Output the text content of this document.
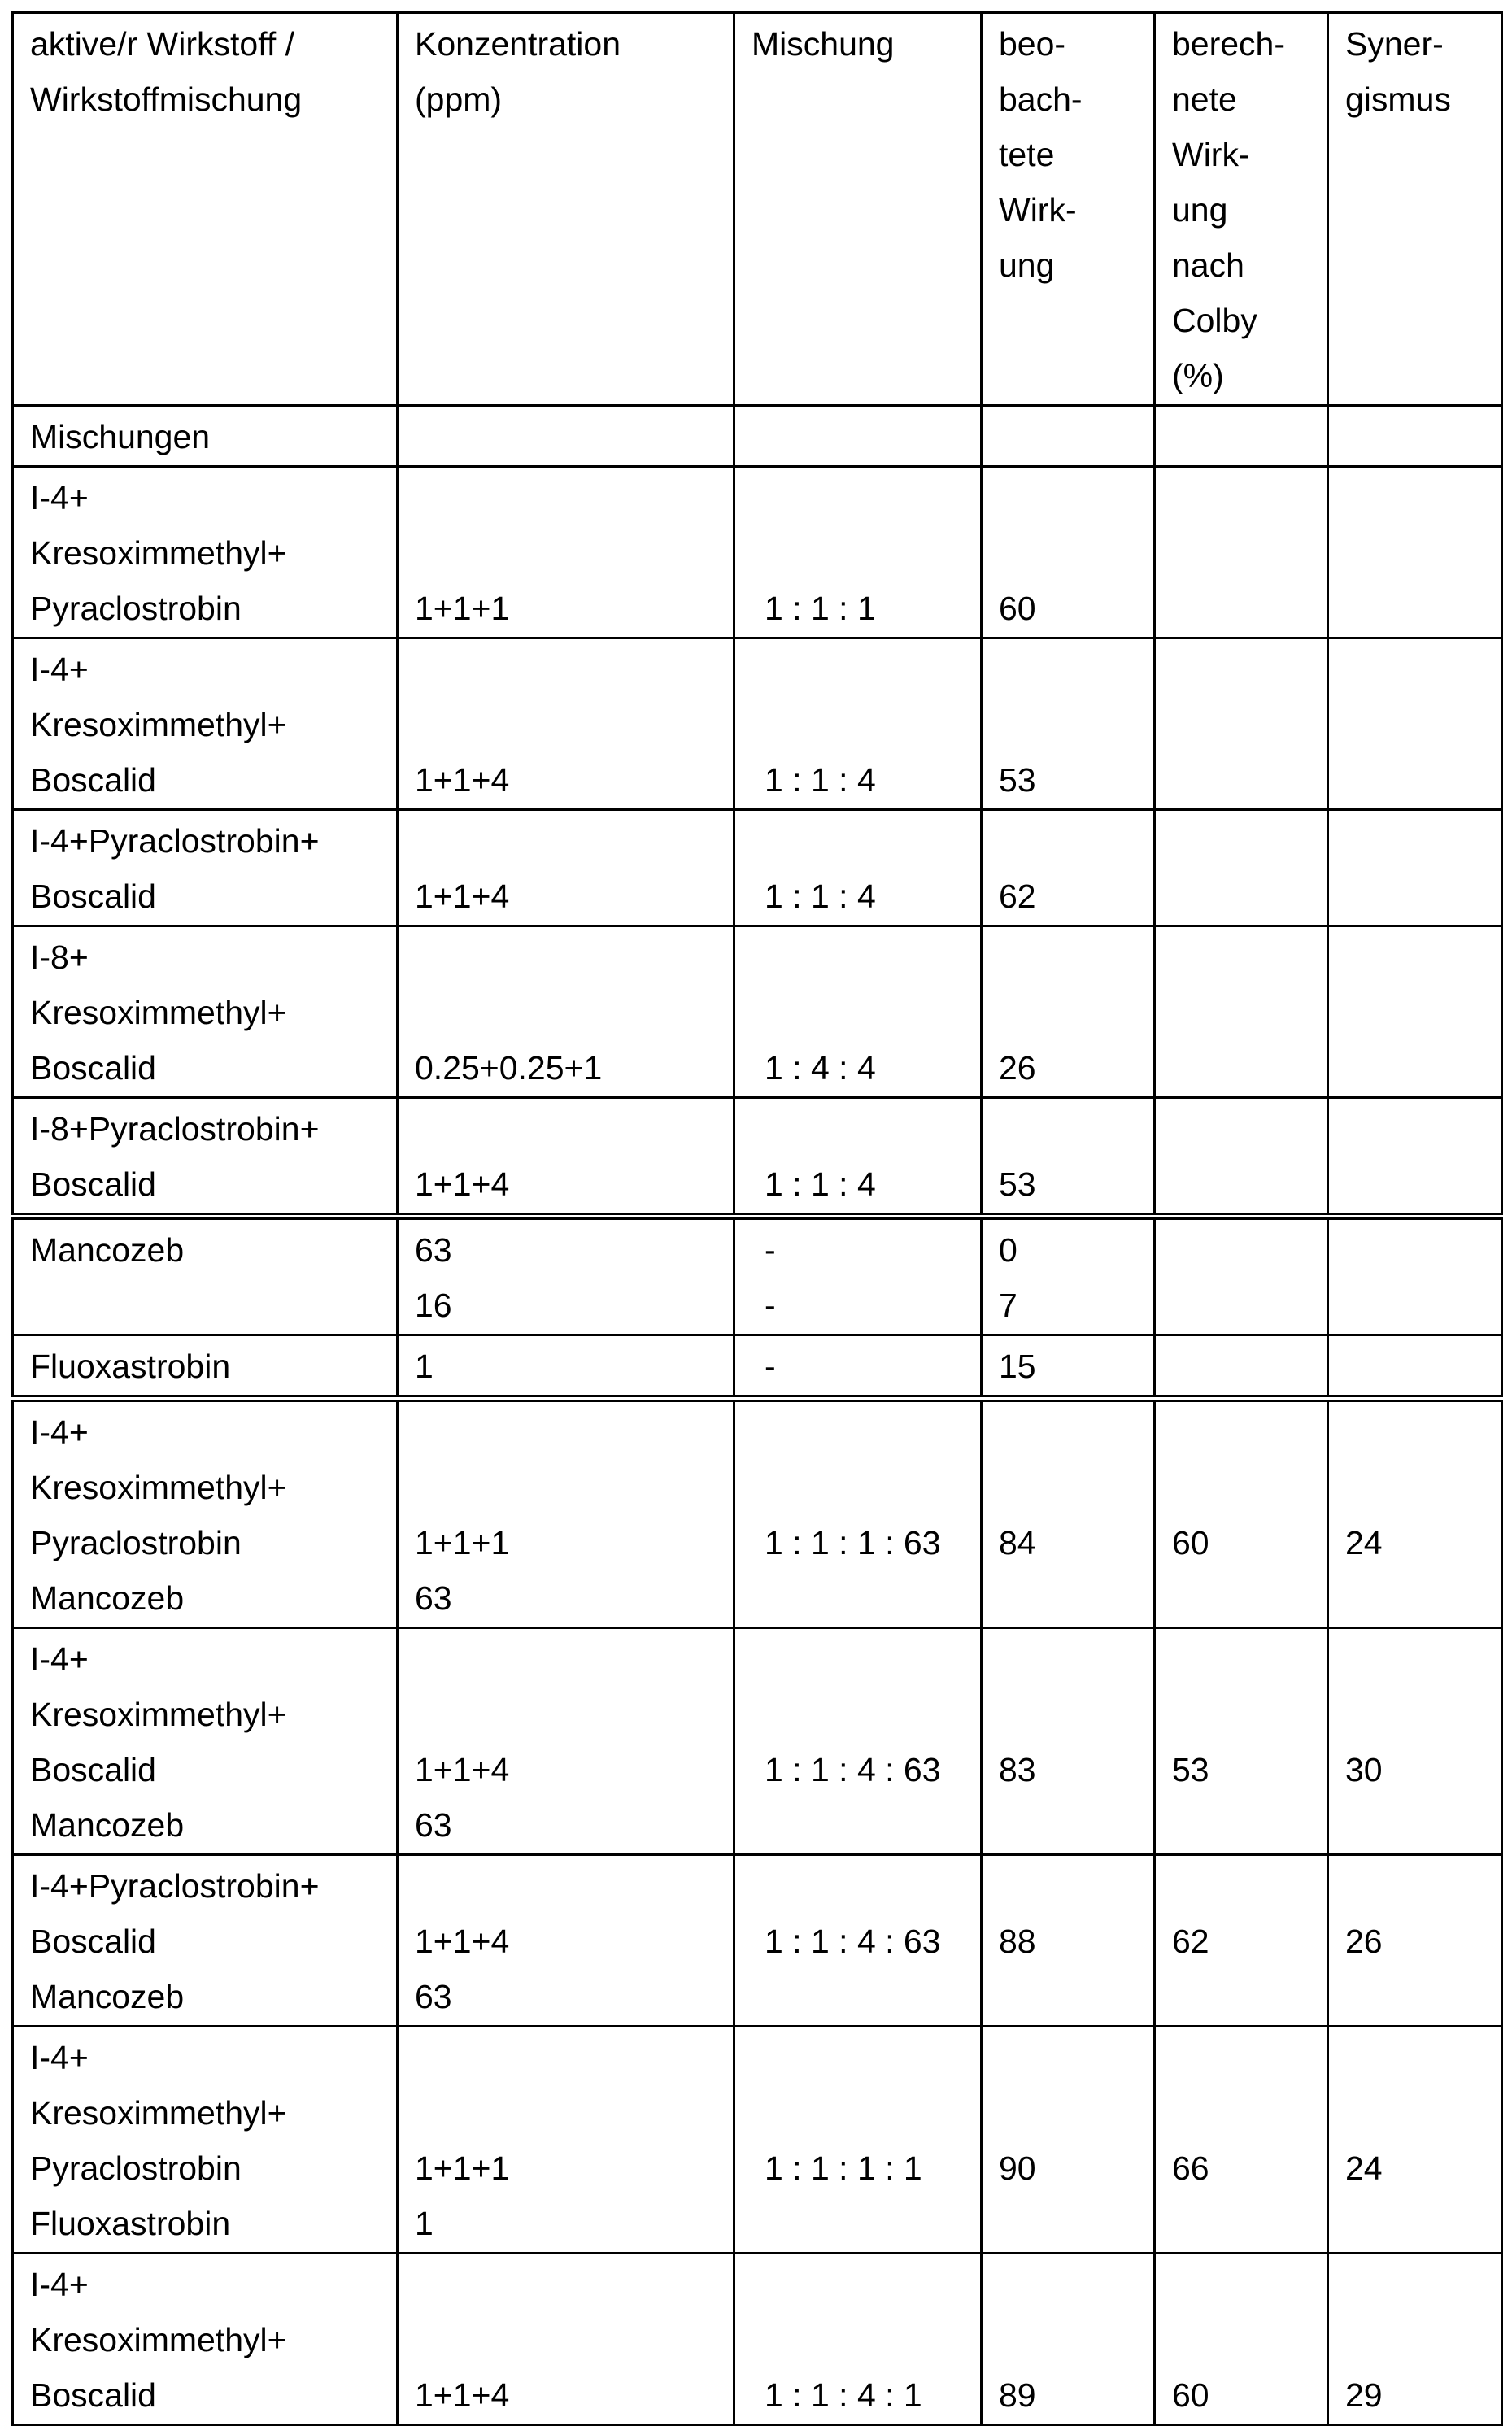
aktive/r Wirkstoff /
Wirkstoffmischung

Konzentration
(ppm)

Mischung	beo-
bach-
tete
Wirk-
ung

berech-
nete
Wirk-
ung
nach
Colby
(%)

Syner-
gismus

Mischungen

I-4+
Kresoximmethyl+
Pyraclostrobin	1+1+1	1 : 1 : 1	60

I-4+
Kresoximmethyl+
Boscalid	1+1+4	1 : 1 : 4	53

I-4+Pyraclostrobin+
Boscalid	1+1+4	1 : 1 : 4	62

I-8+
Kresoximmethyl+
Boscalid	0.25+0.25+1	1 : 4 : 4	26

I-8+Pyraclostrobin+
Boscalid	1+1+4	1 : 1 : 4	53

Mancozeb	63
16

-
-

0
7

Fluoxastrobin	1	-	15

I-4+
Kresoximmethyl+
Pyraclostrobin
Mancozeb

1+1+1
63

1 : 1 : 1 : 63	84	60	24

I-4+
Kresoximmethyl+
Boscalid
Mancozeb

1+1+4
63

1 : 1 : 4 : 63	83	53	30

I-4+Pyraclostrobin+
Boscalid
Mancozeb

1+1+4
63

1 : 1 : 4 : 63	88	62	26

I-4+
Kresoximmethyl+
Pyraclostrobin
Fluoxastrobin

1+1+1
1

1 : 1 : 1 : 1	90	66	24

I-4+
Kresoximmethyl+
Boscalid	1+1+4	1 : 1 : 4 : 1	89	60	29
